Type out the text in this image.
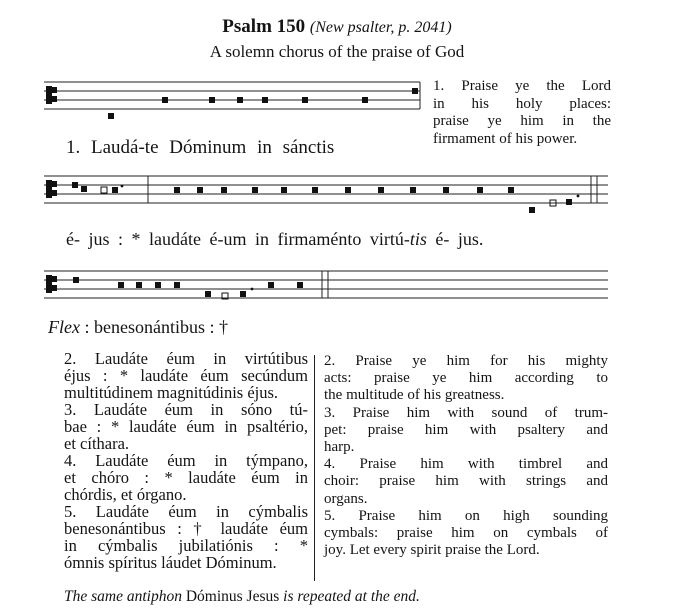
Psalm 150 (New psalter, p. 2041)
A solemn chorus of the praise of God
1. Praise ye the Lord
in his holy places:
praise ye him in the
firmament of his power.
1. Laudá-te Dóminum in sánctis
é- jus : * laudáte é-um in firmaménto virtú-tis é- jus.
Flex : benesonántibus : †
2. Laudáte éum in virtútibus
éjus : * laudáte éum secúndum
multitúdinem magnitúdinis éjus.
3. Laudáte éum in sóno tú-
bae : * laudáte éum in psaltério,
et cíthara.
4. Laudáte éum in týmpano,
et chóro : * laudáte éum in
chórdis, et órgano.
5. Laudáte éum in cýmbalis
benesonántibus : † laudáte éum
in cýmbalis jubilatiónis : *
ómnis spíritus láudet Dóminum.
2. Praise ye him for his mighty
acts: praise ye him according to
the multitude of his greatness.
3. Praise him with sound of trum-
pet: praise him with psaltery and
harp.
4. Praise him with timbrel and
choir: praise him with strings and
organs.
5. Praise him on high sounding
cymbals: praise him on cymbals of
joy. Let every spirit praise the Lord.
The same antiphon Dóminus Jesus is repeated at the end.
